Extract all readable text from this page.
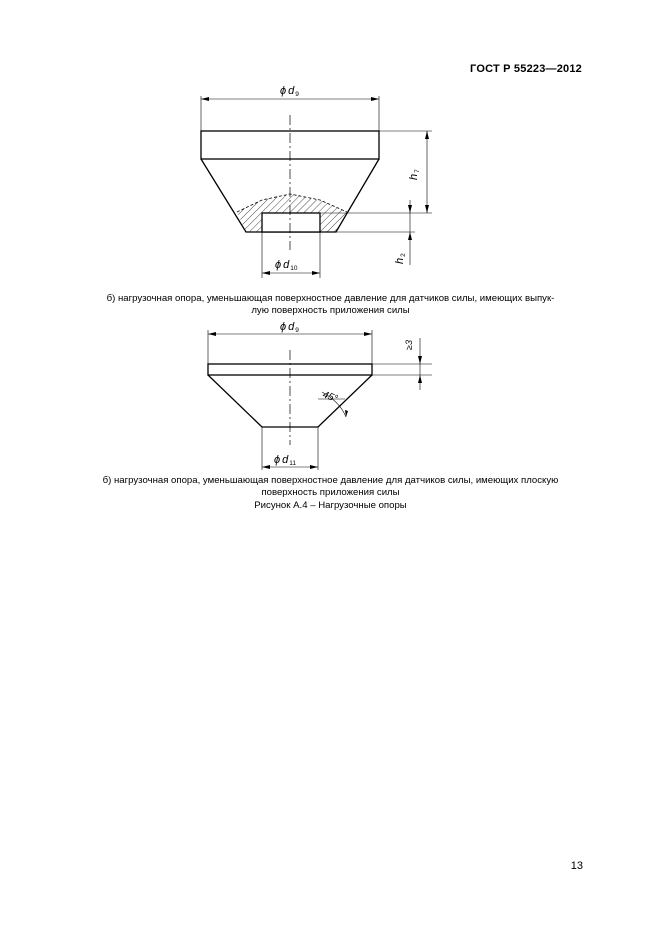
ГОСТ Р 55223—2012
ϕ d9
h7
h2
ϕ d10
б) нагрузочная опора, уменьшающая поверхностное давление для датчиков силы, имеющих выпук-
лую поверхность приложения силы
ϕ d9
≥3
45°
ϕ d11
б) нагрузочная опора, уменьшающая поверхностное давление для датчиков силы, имеющих плоскую
поверхность приложения силы
Рисунок А.4 – Нагрузочные опоры
13
